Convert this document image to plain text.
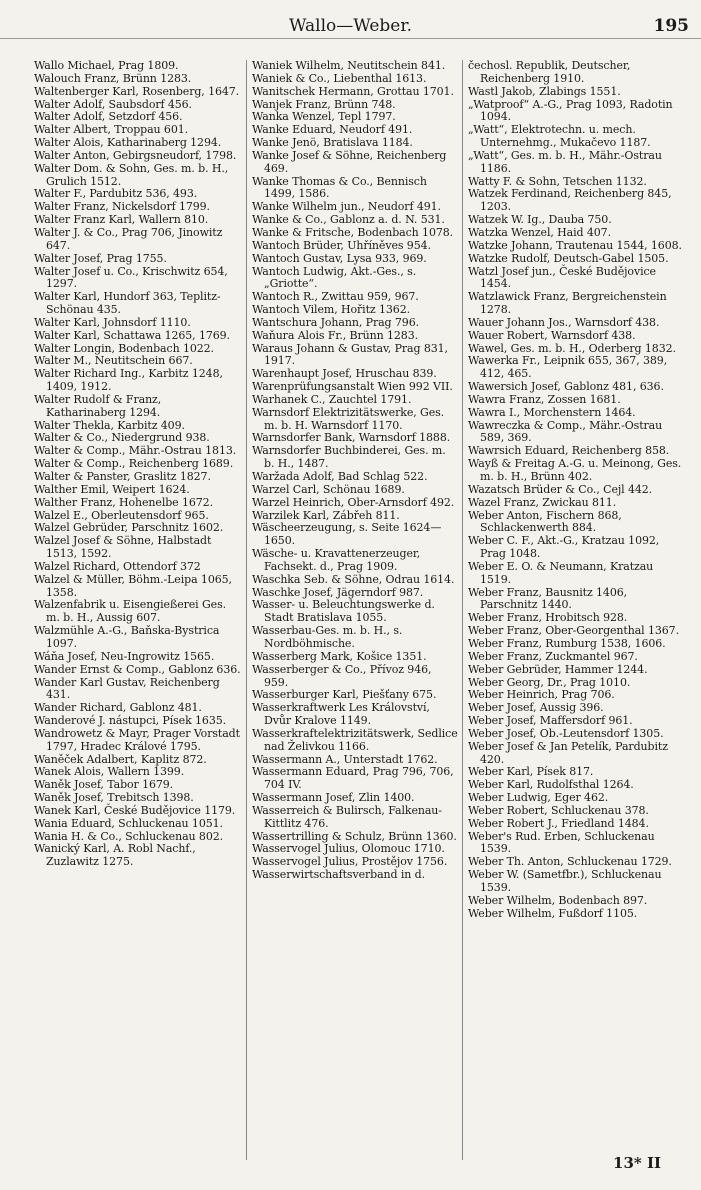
Wallo—Weber.	195

Wallo Michael, Prag 1809.

Walouch Franz, Brünn 1283.

Waltenberger Karl, Rosenberg, 1647.

Walter Adolf, Saubsdorf 456.

Walter Adolf, Setzdorf 456.

Walter Albert, Troppau 601.

Walter Alois, Katharinaberg 1294.

Walter Anton, Gebirgsneudorf, 1798.

Walter Dom. & Sohn, Ges. m. b. H., Grulich 1512.

Walter F., Pardubitz 536, 493.

Walter Franz, Nickelsdorf 1799.

Walter Franz Karl, Wallern 810.

Walter J. & Co., Prag 706, Jinowitz 647.

Walter Josef, Prag 1755.

Walter Josef u. Co., Krischwitz 654, 1297.

Walter Karl, Hundorf 363, Teplitz-Schönau 435.

Walter Karl, Johnsdorf 1110.

Walter Karl, Schattawa 1265, 1769.

Walter Longin, Bodenbach 1022.

Walter M., Neutitschein 667.

Walter Richard Ing., Karbitz 1248, 1409, 1912.

Walter Rudolf & Franz, Katharinaberg 1294.

Walter Thekla, Karbitz 409.

Walter & Co., Niedergrund 938.

Walter & Comp., Mähr.-Ostrau 1813.

Walter & Comp., Reichenberg 1689.

Walter & Panster, Graslitz 1827.

Walther Emil, Weipert 1624.

Walther Franz, Hohenelbe 1672.

Walzel E., Oberleutensdorf 965.

Walzel Gebrüder, Parschnitz 1602.

Walzel Josef & Söhne, Halbstadt 1513, 1592.

Walzel Richard, Ottendorf 372

Walzel & Müller, Böhm.-Leipa 1065, 1358.

Walzenfabrik u. Eisengießerei Ges. m. b. H., Aussig 607.

Walzmühle A.-G., Baňska-Bystrica 1097.

Wáňa Josef, Neu-Ingrowitz 1565.

Wander Ernst & Comp., Gablonz 636.

Wander Karl Gustav, Reichenberg 431.

Wander Richard, Gablonz 481.

Wanderové J. nástupci, Písek 1635.

Wandrowetz & Mayr, Prager Vorstadt 1797, Hradec Králové 1795.

Waněček Adalbert, Kaplitz 872.

Wanek Alois, Wallern 1399.

Waněk Josef, Tabor 1679.

Waněk Josef, Trebitsch 1398.

Wanek Karl, České Budějovice 1179.

Wania Eduard, Schluckenau 1051.

Wania H. & Co., Schluckenau 802.

Wanický Karl, A. Robl Nachf., Zuzlawitz 1275.

Waniek Wilhelm, Neutitschein 841.

Waniek & Co., Liebenthal 1613.

Wanitschek Hermann, Grottau 1701.

Wanjek Franz, Brünn 748.

Wanka Wenzel, Tepl 1797.

Wanke Eduard, Neudorf 491.

Wanke Jenö, Bratislava 1184.

Wanke Josef & Söhne, Reichenberg 469.

Wanke Thomas & Co., Bennisch 1499, 1586.

Wanke Wilhelm jun., Neudorf 491.

Wanke & Co., Gablonz a. d. N. 531.

Wanke & Fritsche, Bodenbach 1078.

Wantoch Brüder, Uhříněves 954.

Wantoch Gustav, Lysa 933, 969.

Wantoch Ludwig, Akt.-Ges., s. „Griotte“.

Wantoch R., Zwittau 959, 967.

Wantoch Vilem, Hořitz 1362.

Wantschura Johann, Prag 796.

Waňura Alois Fr., Brünn 1283.

Waraus Johann & Gustav, Prag 831, 1917.

Warenhaupt Josef, Hruschau 839.

Warenprüfungsanstalt Wien 992 VII.

Warhanek C., Zauchtel 1791.

Warnsdorf Elektrizitätswerke, Ges. m. b. H. Warnsdorf 1170.

Warnsdorfer Bank, Warnsdorf 1888.

Warnsdorfer Buchbinderei, Ges. m. b. H., 1487.

Waržada Adolf, Bad Schlag 522.

Warzel Carl, Schönau 1689.

Warzel Heinrich, Ober-Arnsdorf 492.

Warzilek Karl, Zábřeh 811.

Wäscheerzeugung, s. Seite 1624—1650.

Wäsche- u. Kravattenerzeuger, Fachsekt. d., Prag 1909.

Waschka Seb. & Söhne, Odrau 1614.

Waschke Josef, Jägerndorf 987.

Wasser- u. Beleuchtungswerke d. Stadt Bratislava 1055.

Wasserbau-Ges. m. b. H., s. Nordböhmische.

Wasserberg Mark, Košice 1351.

Wasserberger & Co., Přívoz 946, 959.

Wasserburger Karl, Piešťany 675.

Wasserkraftwerk Les Království, Dvůr Kralove 1149.

Wasserkraftelektrizitätswerk, Sedlice nad Želivkou 1166.

Wassermann A., Unterstadt 1762.

Wassermann Eduard, Prag 796, 706, 704 IV.

Wassermann Josef, Zlin 1400.

Wasserreich & Bulirsch, Falkenau-Kittlitz 476.

Wassertrilling & Schulz, Brünn 1360.

Wasservogel Julius, Olomouc 1710.

Wasservogel Julius, Prostějov 1756.

Wasserwirtschaftsverband in d.

čechosl. Republik, Deutscher, Reichenberg 1910.

Wastl Jakob, Zlabings 1551.

„Watproof“ A.-G., Prag 1093, Radotin 1094.

„Watt“, Elektrotechn. u. mech. Unternehmg., Mukačevo 1187.

„Watt“, Ges. m. b. H., Mähr.-Ostrau 1186.

Watty F. & Sohn, Tetschen 1132.

Watzek Ferdinand, Reichenberg 845, 1203.

Watzek W. Ig., Dauba 750.

Watzka Wenzel, Haid 407.

Watzke Johann, Trautenau 1544, 1608.

Watzke Rudolf, Deutsch-Gabel 1505.

Watzl Josef jun., České Budějovice 1454.

Watzlawick Franz, Bergreichenstein 1278.

Wauer Johann Jos., Warnsdorf 438.

Wauer Robert, Warnsdorf 438.

Wawel, Ges. m. b. H., Oderberg 1832.

Wawerka Fr., Leipnik 655, 367, 389, 412, 465.

Wawersich Josef, Gablonz 481, 636.

Wawra Franz, Zossen 1681.

Wawra I., Morchenstern 1464.

Wawreczka & Comp., Mähr.-Ostrau 589, 369.

Wawrsich Eduard, Reichenberg 858.

Wayß & Freitag A.-G. u. Meinong, Ges. m. b. H., Brünn 402.

Wazatsch Brüder & Co., Cejl 442.

Wazel Franz, Zwickau 811.

Weber Anton, Fischern 868, Schlackenwerth 884.

Weber C. F., Akt.-G., Kratzau 1092, Prag 1048.

Weber E. O. & Neumann, Kratzau 1519.

Weber Franz, Bausnitz 1406, Parschnitz 1440.

Weber Franz, Hrobitsch 928.

Weber Franz, Ober-Georgenthal 1367.

Weber Franz, Rumburg 1538, 1606.

Weber Franz, Zuckmantel 967.

Weber Gebrüder, Hammer 1244.

Weber Georg, Dr., Prag 1010.

Weber Heinrich, Prag 706.

Weber Josef, Aussig 396.

Weber Josef, Maffersdorf 961.

Weber Josef, Ob.-Leutensdorf 1305.

Weber Josef & Jan Petelík, Pardubitz 420.

Weber Karl, Písek 817.

Weber Karl, Rudolfsthal 1264.

Weber Ludwig, Eger 462.

Weber Robert, Schluckenau 378.

Weber Robert J., Friedland 1484.

Weber's Rud. Erben, Schluckenau 1539.

Weber Th. Anton, Schluckenau 1729.

Weber W. (Sametfbr.), Schluckenau 1539.

Weber Wilhelm, Bodenbach 897.

Weber Wilhelm, Fußdorf 1105.

13* II
